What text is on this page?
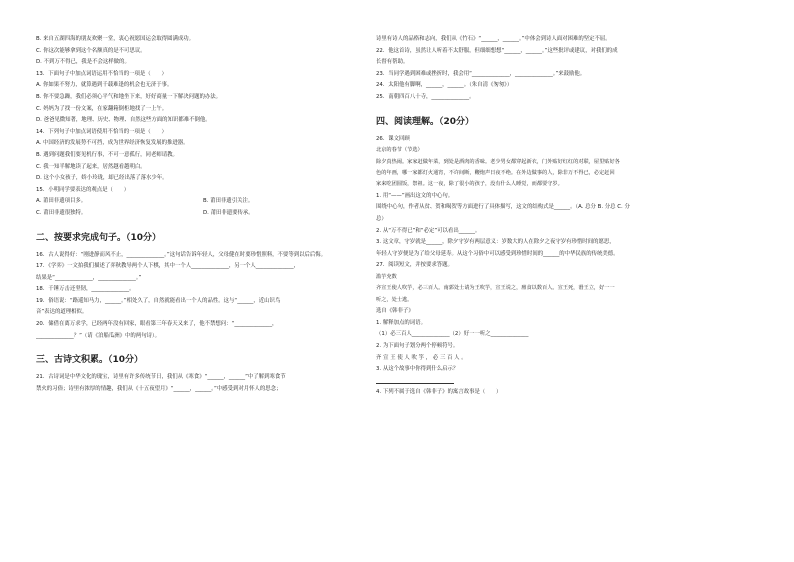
B. 来自五湖四海的朋友欢聚一堂，衷心祝愿国运会取得圆满成功。
C. 你这次能够拿到这个名额真的是不可思议。
D. 不到万不得已，我是不会这样做的。
13．下面句子中加点词语运用不恰当的一项是（　　）
A. 你如果不努力，就算遇到千载难逢的机会也无济于事。
B. 你不要急躁，我们必须心平气和地坐下来，好好商量一下解决问题的办法。
C. 妈妈为了找一份文案，在家翻箱倒柜地找了一上午。
D. 爸爸见微知著，地理、历史、物理、自然这些方面的知识都难不倒他。
14．下列句子中加点词语使用不恰当的一项是（　　）
A. 中国经济的发展势不可挡，成为世界经济恢复发展的推进器。
B. 遇到问题我们要见机行事，不可一意孤行，同老师请教。
C. 我一知半解地读了起来，居然越看越明白。
D. 这个小女孩子，娇小玲珑，却已经出落了落水少年。
15．小明同学要表达的观点是（　　）
A. 莆田非遗项目多。	B. 莆田非遗引关注。
C. 莆田非遗很独特。	D. 莆田非遗要传承。
二、按要求完成句子。（10分）
16．古人说得好：“刚进静而风不止，______________。”这句话告诉年轻人，父母健在时要珍惜照料，不要等到以后后悔。
17．《学弈》一文拍我们描述了弈秋教导两个人下棋，其中一个人______________，另一个人______________，
结果是“______________，______________。”
18．千锤万击还坚韧，______________。
19．俗语说：“路遥知马力，______。”相处久了，自然就能看出一个人的品性。这与“______，近山识鸟
音”表达的道理相似。
20．储借在离万求学，已经两年没有回家，眼看第三年春天又来了，他不禁想问：“______________，
______________？”（请《泊船瓜洲》中的两句诗）。
三、古诗文积累。（10分）
21．古诗词是中华文化的瑰宝，诗里有许多传统节日，我们从《寒食》“______，______”中了解到寒食节
禁火的习俗；诗里有浓厚的情趣，我们从《十五夜望月》“______，______。”中感受到对月怀人的思念；
诗里有诗人的品格和志向，我们从《竹石》“______，______。”中体会到诗人面对困难的坚定不屈。
22．他这首诗，虽然让人听着不太舒服，但细细想想“______，______。”这些批评或建议，对我们的成
长督有帮助。
23．当同学遇到困难或挫折时，我会用“______________，______________。”来鼓励他。
24．太阳他有脚啊，______，______。（朱自清《匆匆》）
25．南朝四百八十寺，______________。
四、阅读理解。（20分）
26．课文回顾
北京的春节（节选）
除夕真热闹。家家赶做年菜，到处是酒肉的香味。老少男女都穿起新衣，门外贴好红红的对联，屋里贴好各
色的年画，哪一家都灯火通宵，不许间断，鞭炮声日夜不绝。在外边做事的人，除非万不得已，必定赶回
家来吃团圆饭，祭祖。这一夜，除了很小的孩子，没有什么人睡觉，而都要守岁。
1. 用“——”画出这文的中心句。
围绕中心句，作者从贫、贺和喝贺等方面进行了具体描写，这文的结构式是______。（A. 总分 B. 分总 C. 分
总）
2. 从“万不得已”和“必定”可以看出______。
3. 这文章，守岁就是______，除夕守岁有两层意义：岁数大的人在除夕之夜守岁有珍惜时间的愿思，
年轻人守岁便是为了给父母延寿。从这个习俗中可以感受到珍惜时间的______的中华民族的传统美德。
27．阅读短文，并按要求答题。
滥竽充数
齐宣王使人吹竽，必三百人。南郭处士请为王吹竽，宣王说之，廪食以数百人。宣王死，湣王立，好一一
听之，处士逃。
选自《韩非子》
1. 解释加点的词语。
（1）必三百人______________（2）好一一听之______________
2. 为下面句子划分两个停顿符号。
齐 宣 王 使 人 吹 竽 ， 必 三 百 人 。
3. 从这个故事中你得到什么启示？
4. 下列不属于选自《韩非子》的寓言故事是（　　）
